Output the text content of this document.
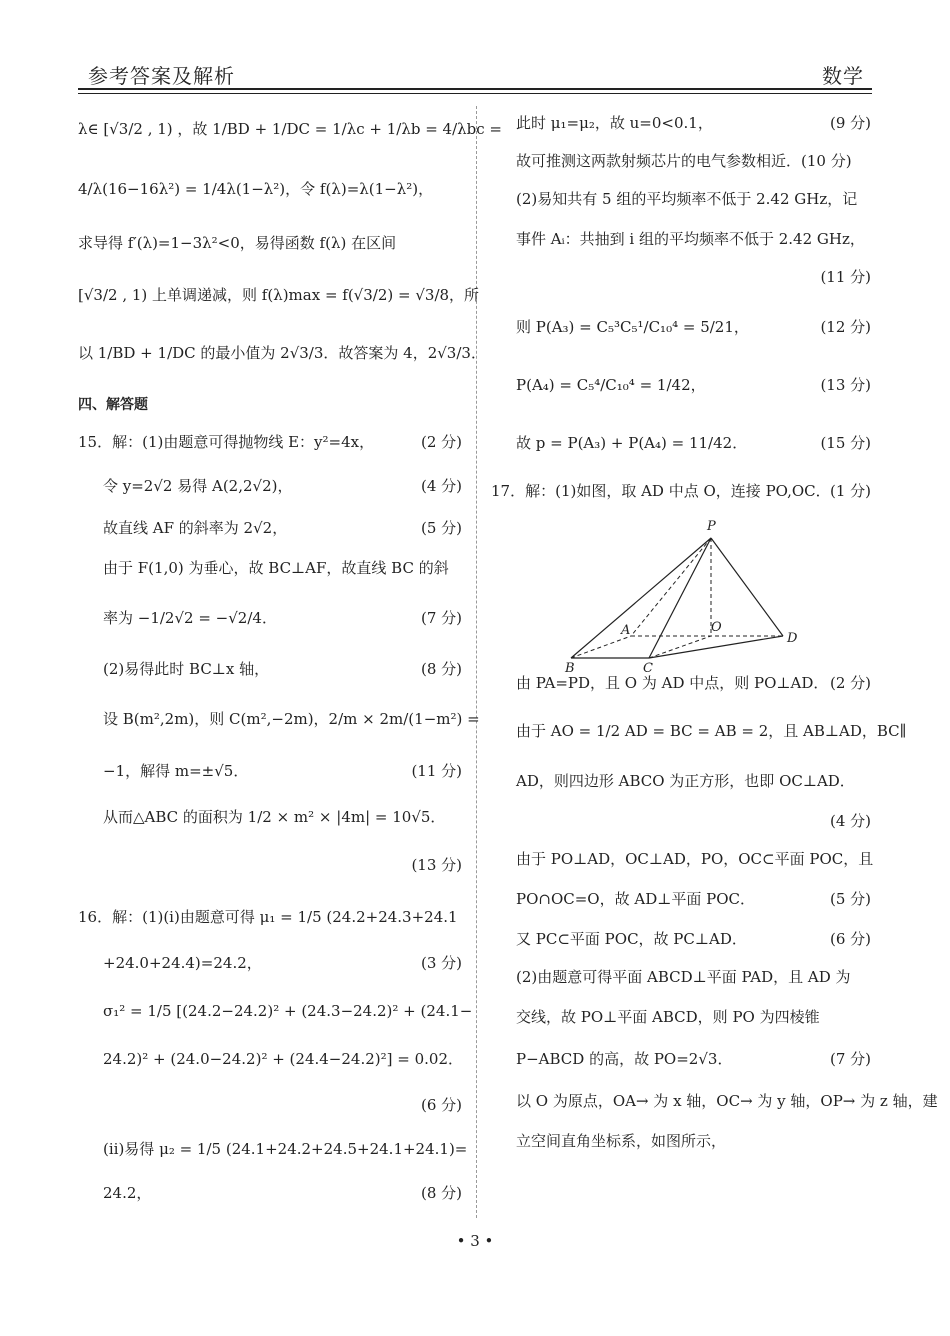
参考答案及解析	数学
λ∈ [√3/2 , 1) ，故 1/BD + 1/DC = 1/λc + 1/λb = 4/λbc =
4/λ(16−16λ²) = 1/4λ(1−λ²)，令 f(λ)=λ(1−λ²)，
求导得 f′(λ)=1−3λ²<0，易得函数 f(λ) 在区间
[√3/2 , 1) 上单调递减，则 f(λ)max = f(√3/2) = √3/8，所
以 1/BD + 1/DC 的最小值为 2√3/3．故答案为 4，2√3/3．
四、解答题
15．解：(1)由题意可得抛物线 E：y²=4x，	(2 分)
令 y=2√2 易得 A(2,2√2)，	(4 分)
故直线 AF 的斜率为 2√2，	(5 分)
由于 F(1,0) 为垂心，故 BC⊥AF，故直线 BC 的斜
率为 −1/2√2 = −√2/4．	(7 分)
(2)易得此时 BC⊥x 轴，	(8 分)
设 B(m²,2m)，则 C(m²,−2m)，2/m × 2m/(1−m²) =
−1，解得 m=±√5．	(11 分)
从而△ABC 的面积为 1/2 × m² × |4m| = 10√5．
(13 分)
16．解：(1)(ⅰ)由题意可得 μ₁ = 1/5 (24.2+24.3+24.1
+24.0+24.4)=24.2，	(3 分)
σ₁² = 1/5 [(24.2−24.2)² + (24.3−24.2)² + (24.1−
24.2)² + (24.0−24.2)² + (24.4−24.2)²] = 0.02．
(6 分)
(ⅱ)易得 μ₂ = 1/5 (24.1+24.2+24.5+24.1+24.1)=
24.2，	(8 分)
此时 μ₁=μ₂，故 u=0<0.1，	(9 分)
故可推测这两款射频芯片的电气参数相近．(10 分)
(2)易知共有 5 组的平均频率不低于 2.42 GHz，记
事件 Aᵢ：共抽到 i 组的平均频率不低于 2.42 GHz，
(11 分)
则 P(A₃) = C₅³C₅¹/C₁₀⁴ = 5/21，	(12 分)
P(A₄) = C₅⁴/C₁₀⁴ = 1/42，	(13 分)
故 p = P(A₃) + P(A₄) = 11/42．	(15 分)
17．解：(1)如图，取 AD 中点 O，连接 PO,OC． (1 分)
P
A	O
D
B	C
由 PA=PD，且 O 为 AD 中点，则 PO⊥AD． (2 分)
由于 AO = 1/2 AD = BC = AB = 2，且 AB⊥AD，BC∥
AD，则四边形 ABCO 为正方形，也即 OC⊥AD．
(4 分)
由于 PO⊥AD，OC⊥AD，PO，OC⊂平面 POC，且
PO∩OC=O，故 AD⊥平面 POC．	(5 分)
又 PC⊂平面 POC，故 PC⊥AD．	(6 分)
(2)由题意可得平面 ABCD⊥平面 PAD，且 AD 为
交线，故 PO⊥平面 ABCD，则 PO 为四棱锥
P−ABCD 的高，故 PO=2√3．	(7 分)
以 O 为原点，OA→ 为 x 轴，OC→ 为 y 轴，OP→ 为 z 轴，建
立空间直角坐标系，如图所示，
• 3 •
